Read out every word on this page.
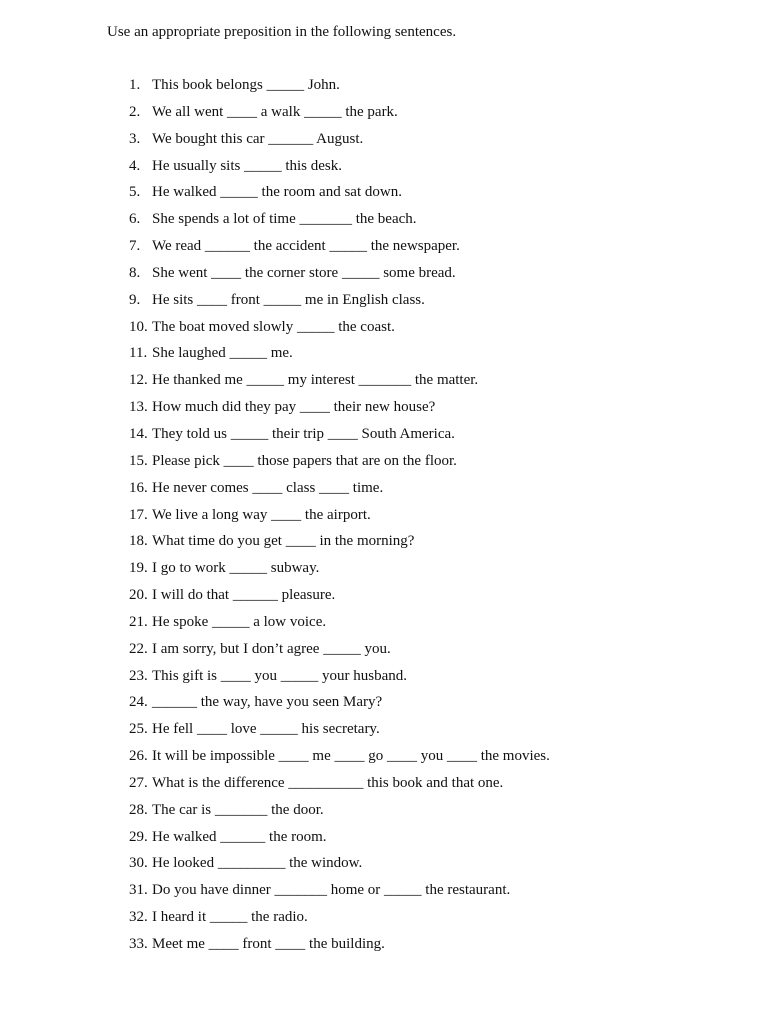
Use an appropriate preposition in the following sentences.
1. This book belongs _____ John.
2. We all went ____ a walk _____ the park.
3. We bought this car ______ August.
4. He usually sits _____ this desk.
5. He walked _____ the room and sat down.
6. She spends a lot of time _______ the beach.
7. We read ______ the accident _____ the newspaper.
8. She went ____ the corner store _____ some bread.
9. He sits ____ front _____ me in English class.
10. The boat moved slowly _____ the coast.
11. She laughed _____ me.
12. He thanked me _____ my interest _______ the matter.
13. How much did they pay ____ their new house?
14. They told us _____ their trip ____ South America.
15. Please pick ____ those papers that are on the floor.
16. He never comes ____ class ____ time.
17. We live a long way ____ the airport.
18. What time do you get ____ in the morning?
19. I go to work _____ subway.
20. I will do that ______ pleasure.
21. He spoke _____ a low voice.
22. I am sorry, but I don’t agree _____ you.
23. This gift is ____ you _____ your husband.
24. ______ the way, have you seen Mary?
25. He fell ____ love _____ his secretary.
26. It will be impossible ____ me ____ go ____ you ____ the movies.
27. What is the difference __________ this book and that one.
28. The car is _______ the door.
29. He walked ______ the room.
30. He looked _________ the window.
31. Do you have dinner _______ home or _____ the restaurant.
32. I heard it _____ the radio.
33. Meet me ____ front ____ the building.
